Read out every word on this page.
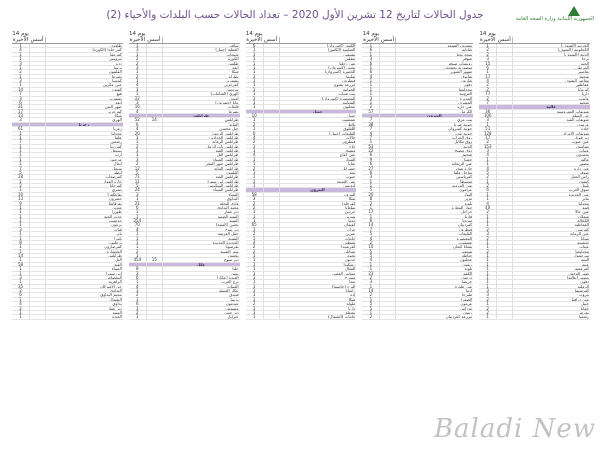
جدول الحالات لتاريخ 12 تشرين الأول 2020 – تعداد الحالات حسب البلدات والأحياء (2)	الجمهورية اللبنانية وزارة الصحة العامة
أسس
14 يوم الأخيرة
الخريبة (الشوف)
1
الكحلونية (الشوف)
2
الدبية (الشوف)
2
برجا
3
الجية
15
المرملي
6
بعاصير
1
شحيم
17
معاصر الشوف
4
عماطور
2
كترمايا
2
داريا
77
عانوت
2
شحيم
7
عاليه
شويفات العمروسية
36
حي السلم
106
شويفات القبة
3
عرمون
1
خلدة
51
شويفات الأمراء
128
دير قوبل
17
عين عنوب
2
بشامون
153
عيناب
3
بحمدون
4
عاليه
1
بيصور
1
عين داره
4
صوفر
5
رأس الجبل
2
كيفون
1
بليبل
2
سوق الغرب
6
عين الجديدة
1
بتاتر
1
مجدليا
4
قبيع
40
عين حالا
2
شملان
1
الكحالة
1
القماطية
1
كفرمتى
2
عين الرمانة
3
بسابا
2
بخشتيه
1
عيتات
1
مجدلبعنا
2
سرحمول
1
البنيه
1
عبيه
1
كفرعميه
1
ضهر الوحش
1
بيصور (عاليه)
1
دقون
1
الرملية
1
كفرشيما
3
بيروت
3
عين درافيل
2
جبيل
1
حمانا
2
بمريم
2
رشميا
1
أسس
14 يوم الأخيرة
بعمدون الضيعة
1
شانايه
6
سجد بجنا
1
صوفر
3
رويسات صوفر
6
منصورية بحمدون
1
ضهور الشوير
6
شانوق
4
شارون
1
دفون
1
مجدلبعنا
1
العزونيه
1
المديرج
3
المشرف
1
عين داره
2
الكرمل
57
البترون
بيت مري
7
جونية صربا
38
جونية كسروان
7
جونية غدير
4
زوق الخراب
7
زوق مكايل
1
الدبية
53
ذوق مصبح
22
شحيم
6
جعيتا
9
عين الريحانة
6
حارة صخر
27
ساحل علما
6
كفرياسين
3
غوسطا
1
عين الخروبة
1
عرامون
5
البوار
20
غزير
8
بلونة
2
جوار المغارة
1
حراجل
17
فاريا
1
ميروبا
6
كفرذبيان
14
فيطرون
7
القليعات
5
المعيصرة
4
عشقوت
2
بقعاتا كنعان
10
شننعير
5
حياطة
5
عجلتون
4
ريفون
1
بلونة
1
الكفور
23
درعون
2
حريصا
3
عين طورة
1
ادما
14
طبرجا
2
الصفرا
1
عرمون
5
غدراس
5
زيتون
1
مزرعة كفرذبيان
2
أسس
14 يوم الأخيرة
الكفور (كسروان)
6
الصليبية (الكفور)
1
بشتفين
1
بعقلين
1
عين زحلتا
1
بحنين (كسروان)
1
الحصرة (كسروان)
1
صليما
3
فيطرون
1
مزرعة يشوع
1
الجوانية
1
بيت شباب
1
المعيصرة (كسروان)
1
الشبانية
1
عجلتون
1
جبيل
جبيل
10
عمشيت
1
بلاط
2
اللقلوق
1
القليعات (جبيل)
6
حالات
4
فيطرون
2
جاج
1
ميفوق
1
عين كفاع
4
الفيدار
1
عنايا
1
حصرايل
2
بجه
1
حبوب
1
عين الغويبة
1
ادونيس
1
البترون
البترون
58
شكا
3
كفرحلدا
2
سلعاتا
2
حردين
1
تنورين
1
دوما
1
كفيفان
65
جران
1
عبرين
2
حامات
1
شبطين
4
كفرعبيدا
2
عبدللي
2
تحوم
1
حدتون
1
رشكيدا
1
الفغال
1
بساتين العصي
1
مسرح
1
نيحا
1
البرج (حاصبيا)
1
راشانا
1
إده
1
شكا
1
ملولة
2
داريا
1
بشعلة
1
حامات (الشمال)
1
أسس
14 يوم الأخيرة
ساقي
1
العطية (جبيل)
3
شيحات
1
الكورة
2
طليس
2
أنفة
3
شكا
1
بطرام
2
بشمزين
1
كفرحزير
4
بترومين
1
الهري (الشامات)
1
أميون
22
عابا (حصرون)
3
قلحات
16
بصرما
4
طرابلس
طرابلس
14
52
التبانة
6
جبل محسن
4
طرابلس الزيتون
20
طرابلس الحدادين
1
طرابلس الرمانة
1
طرابلس باب الرمل
2
طرابلس القبة
1
طرابلس التل
1
طرابلس الميناء
3
طرابلس ضهر المغر
2
طرابلس التبانة
12
القلمون
5
طرابلس القبة
71
طرابلس أبي سمرا
11
طرابلس المنكوبين
5
طرابلس الميناء
24
الميناء
3
البداوي
1
وادي النحلة
21
مخيم البداوي
6
دير عمار
1
المنية الضنية
1
المنية
254
بحنين (المنية)
70
دير نبوح
4
حقل العزيمة
1
الضنية
1
الجديدة الجديدة
1
بقرصونا
1
سير الضنية
2
بخعون
1
دير ننبوح
15
454
عكار
حلبا
8
ببنين
2
العبدة (عكار)
6
برج العرب
1
القبيات
4
عكار العتيقة
1
فنيدق
2
بزبينا
1
عيدمون
6
مشمش
1
دير جنين
2
جبرايل
1
أسس
14 يوم الأخيرة
طلعون
1
كفر حلدا (الكورة)
4
كفرعقا
1
بترومين
1
دده
3
برسا
1
القلمون
2
بصرما
1
كوسبا
3
عين عكرين
1
كفتون
14
فيع
7
بشمزين
3
أنفة
6
ضهر العين
31
كفرحزير
17
شكا
13
الهري
3
زغرتا
زغرتا
61
مجدليا
1
علما
1
رشعين
7
كفرزينا
1
بسبعل
1
أرده
1
عرجس
1
ايعال
1
سبعل
7
أيطو
5
كفرصغاب
28
حارة الفوار
1
كفرحاتا
2
بشري
1
بقاعكفرا
10
حصرون
13
بقرقاشا
9
عبدين
1
طورزا
1
حدث الجبة
1
حدشيت
1
بزعون
1
قنات
3
بان
1
بلوزا
1
برحليون
8
كفرصارون
1
الخنشارة
1
طرابلس
14
التل
1
القبة
58
الميناء
1
أبي سمرا
1
البحصاص
3
الزاهرية
1
حي الأميركان
35
البداوي
2
مخيم البداوي
6
الشمال
1
بداوي
4
دير عمار
2
المنية
1
العبدة
1
Baladi New
